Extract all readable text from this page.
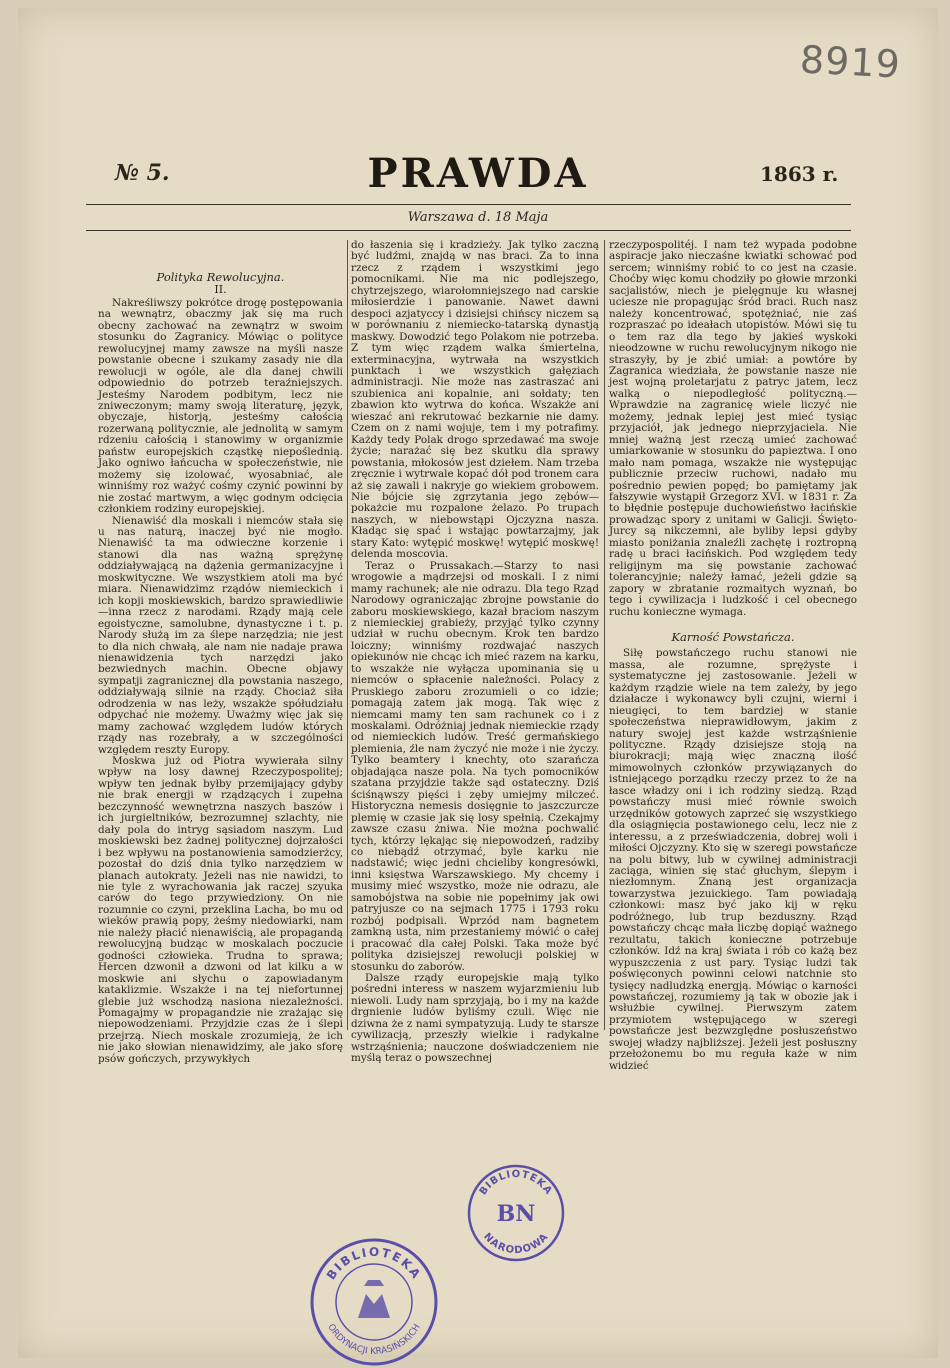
8919
№ 5.	PRAWDA	1863 r.
Warszawa d. 18 Maja
Polityka Rewolucyjna.
II.

Nakreśliwszy pokrótce drogę postępowania na wewnątrz, obaczmy jak się ma ruch obecny zachować na zewnątrz w swoim stosunku do Zagranicy. Mówiąc o polityce rewolucyjnej mamy zawsze na myśli nasze powstanie obecne i szukamy zasady nie dla rewolucji w ogóle, ale dla danej chwili odpowiednio do potrzeb teraźniejszych. Jesteśmy Narodem podbitym, lecz nie zniweczonym; mamy swoją literaturę, język, obyczaje, historją, jesteśmy całością rozerwaną politycznie, ale jednolitą w samym rdzeniu całością i stanowimy w organizmie państw europejskich cząstkę niepoślednią. Jako ogniwo łańcucha w społeczeństwie, nie możemy się izolować, wyosabniać, ale winniśmy roz ważyć cośmy czynić powinni by nie zostać martwym, a więc godnym odcięcia członkiem rodziny europejskiej.

Nienawiść dla moskali i niemców stała się u nas naturą, inaczej być nie mogło. Nienawiść ta ma odwieczne korzenie i stanowi dla nas ważną sprężynę oddziaływającą na dążenia germanizacyjne i moskwityczne. We wszystkiem atoli ma być miara. Nienawidzimz rządów niemieckich i ich kopji moskiewskich, bardzo sprawiedliwie—inna rzecz z narodami. Rządy mają cele egoistyczne, samolubne, dynastyczne i t. p. Narody służą im za ślepe narzędzia; nie jest to dla nich chwałą, ale nam nie nadaje prawa nienawidzenia tych narzędzi jako bezwiednych machin. Obecne objawy sympatji zagranicznej dla powstania naszego, oddziaływają silnie na rządy. Chociaż siła odrodzenia w nas leży, wszakże spółudziału odpychać nie możemy. Uważmy więc jak się mamy zachować względem ludów których rządy nas rozebrały, a w szczególności względem reszty Europy.

Moskwa już od Piotra wywierała silny wpływ na losy dawnej Rzeczypospolitej; wpływ ten jednak byłby przemijający gdyby nie brak energji w rządzących i zupełna bezczynność wewnętrzna naszych baszów i ich jurgieltników, bezrozumnej szlachty, nie dały pola do intryg sąsiadom naszym. Lud moskiewski bez żadnej politycznej dojrzałości i bez wpływu na postanowienia samodzierżcy, pozostał do dziś dnia tylko narzędziem w planach autokraty. Jeżeli nas nie nawidzi, to nie tyle z wyrachowania jak raczej szyuka carów do tego przywiedziony. On nie rozumnie co czyni, przeklina Lacha, bo mu od wieków prawią popy, żeśmy niedowiarki, nam nie należy płacić nienawiścią, ale propagandą rewolucyjną budząc w moskalach poczucie godności człowieka. Trudna to sprawa; Hercen dzwonił a dzwoni od lat kilku a w moskwie ani słychu o zapowiadanym kataklizmie. Wszakże i na tej niefortunnej glebie już wschodzą nasiona niezależności. Pomagajmy w propagandzie nie zrażając się niepowodzeniami. Przyjdzie czas że i ślepi przejrzą. Niech moskale zrozumieją, że ich nie jako słowian nienawidzimy, ale jako sforę psów gończych, przywykłych

do łaszenia się i kradzieży. Jak tylko zaczną być ludźmi, znajdą w nas braci. Za to inna rzecz z rządem i wszystkimi jego pomocnikami. Nie ma nic podlejszego, chytrzejszego, wiarołomniejszego nad carskie miłosierdzie i panowanie. Nawet dawni despoci azjatyccy i dzisiejsi chińscy niczem są w porównaniu z niemiecko-tatarską dynastją maskwy. Dowodzić tego Polakom nie potrzeba. Z tym więc rządem walka śmiertelna, exterminacyjna, wytrwała na wszystkich punktach i we wszystkich gałęziach administracji. Nie może nas zastraszać ani szubienica ani kopalnie, ani sołdaty; ten zbawion kto wytrwa do końca. Wszakże ani wieszać ani rekrutować bezkarnie nie damy. Czem on z nami wojuje, tem i my potrafimy. Każdy tedy Polak drogo sprzedawać ma swoje życie; narażać się bez skutku dla sprawy powstania, młokosów jest dziełem. Nam trzeba zręcznie i wytrwale kopać dół pod tronem cara aż się zawali i nakryje go wiekiem grobowem. Nie bójcie się zgrzytania jego zębów—pokażcie mu rozpalone żelazo. Po trupach naszych, w niebowstąpi Ojczyzna nasza. Kładąc się spać i wstając powtarzajmy, jak stary Kato: wytępić moskwę! wytępić moskwę! delenda moscovia.

Teraz o Prussakach.—Starzy to nasi wrogowie a mądrzejsi od moskali. I z nimi mamy rachunek; ale nie odrazu. Dla tego Rząd Narodowy ograniczając zbrojne powstanie do zaboru moskiewskiego, kazał braciom naszym z niemieckiej grabieży, przyjąć tylko czynny udział w ruchu obecnym. Krok ten bardzo loiczny; winniśmy rozdwajać naszych opiekunów nie chcąc ich mieć razem na karku, to wszakże nie wyłącza upominania się u niemców o spłacenie należności. Polacy z Pruskiego zaboru zrozumieli o co idzie; pomagają zatem jak mogą. Tak więc z niemcami mamy ten sam rachunek co i z moskalami. Odróżniaj jednak niemieckie rządy od niemieckich ludów. Treść germańskiego plemienia, źle nam życzyć nie może i nie życzy. Tylko beamtery i knechty, oto szarańcza objadająca nasze pola. Na tych pomocników szatana przyjdzie także sąd ostateczny. Dziś ściśnąwszy pięści i zęby umiejmy milczeć. Historyczna nemesis dosięgnie to jaszczurcze plemię w czasie jak się losy spełnią. Czekajmy zawsze czasu żniwa. Nie można pochwalić tych, którzy lękając się niepowodzeń, radziby co niebądź otrzymać, byle karku nie nadstawić; więc jedni chcieliby kongresówki, inni księstwa Warszawskiego. My chcemy i musimy mieć wszystko, może nie odrazu, ale samobójstwa na sobie nie popełnimy jak owi patryjusze co na sejmach 1775 i 1793 roku rozbój podpisali. Wprzód nam bagnetem zamkną usta, nim przestaniemy mówić o całej i pracować dla całej Polski. Taka może być polityka dzisiejszej rewolucji polskiej w stosunku do zaborów.

Dalsze rządy europejskie mają tylko pośredni interess w naszem wyjarzmieniu lub niewoli. Ludy nam sprzyjają, bo i my na każde drgnienie ludów byliśmy czuli. Więc nie dziwna że z nami sympatyzują. Ludy te starsze cywilizacją, przeszły wielkie i radykalne wstrząśnienia; nauczone doświadczeniem nie myślą teraz o powszechnej

rzeczypospolitéj. I nam też wypada podobne aspiracje jako nieczaśne kwiatki schować pod sercem; winniśmy robić to co jest na czasie. Choćby więc komu chodziły po głowie mrzonki sacjalistów, niech je pielęgnuje ku własnej uciesze nie propagując śród braci. Ruch nasz należy koncentrować, spotężniać, nie zaś rozpraszać po ideałach utopistów. Mówi się tu o tem raz dla tego by jakieś wyskoki nieodzowne w ruchu rewolucyjnym nikogo nie straszyły, by je zbić umiał: a powtóre by Zagranica wiedziała, że powstanie nasze nie jest wojną proletarjatu z patryc jatem, lecz walką o niepodległość polityczną.— Wprawdzie na zagranicę wiele liczyć nie możemy, jednak lepiej jest mieć tysiąc przyjaciół, jak jednego nieprzyjaciela. Nie mniej ważną jest rzeczą umieć zachować umiarkowanie w stosunku do papieztwa. I ono mało nam pomaga, wszakże nie występując publicznie przeciw ruchowi, nadało mu pośrednio pewien popęd; bo pamiętamy jak fałszywie wystąpił Grzegorz XVI. w 1831 r. Za to błędnie postępuje duchowieństwo łacińskie prowadząc spory z unitami w Galicji. Święto-Jurcy są nikczemni, ale byliby lepsi gdyby miasto poniżania znaleźli zachętę i roztropną radę u braci łacińskich. Pod względem tedy religijnym ma się powstanie zachować tolerancyjnie; należy łamać, jeżeli gdzie są zapory w zbratanie rozmaitych wyznań, bo tego i cywilizacja i ludzkość i cel obecnego ruchu konieczne wymaga.

Karność Powstańcza.

Siłę powstańczego ruchu stanowi nie massa, ale rozumne, sprężyste i systematyczne jej zastosowanie. Jeżeli w każdym rządzie wiele na tem zależy, by jego działacze i wykonawcy byli czujni, wierni i nieugięci, to tem bardziej w stanie społeczeństwa nieprawidłowym, jakim z natury swojej jest każde wstrząśnienie polityczne. Rządy dzisiejsze stoją na biurokracji; mają więc znaczną ilość mimowolnych członków przywiązanych do istniejącego porządku rzeczy przez to że na łasce władzy oni i ich rodziny siedzą. Rząd powstańczy musi mieć równie swoich urzędników gotowych zaprzeć się wszystkiego dla osiągnięcia postawionego celu, lecz nie z interessu, a z przeświadczenia, dobrej woli i miłości Ojczyzny. Kto się w szeregi powstańcze na polu bitwy, lub w cywilnej administracji zaciąga, winien się stać głuchym, ślepym i niezłomnym. Znaną jest organizacja towarzystwa jezuickiego. Tam powiadają członkowi: masz być jako kij w ręku podróżnego, lub trup bezduszny. Rząd powstańczy chcąc mała liczbę dopiąć ważnego rezultatu, takich konieczne potrzebuje członków. Idź na kraj świata i rób co każą bez wypuszczenia z ust pary. Tysiąc ludzi tak poświęconych powinni celowi natchnie sto tysięcy nadludzką energją. Mówiąc o karności powstańczej, rozumiemy ją tak w obozie jak i wsłużbie cywilnej. Pierwszym zatem przymiotem wstępującego w szeregi powstańcze jest bezwzględne posłuszeństwo swojej władzy najbliższej. Jeżeli jest posłuszny przełożonemu bo mu reguła każe w nim widzieć

BIBLIOTEKA
ORDYNACJI KRASIŃSKICH
BIBLIOTEKA
BN
NARODOWA
